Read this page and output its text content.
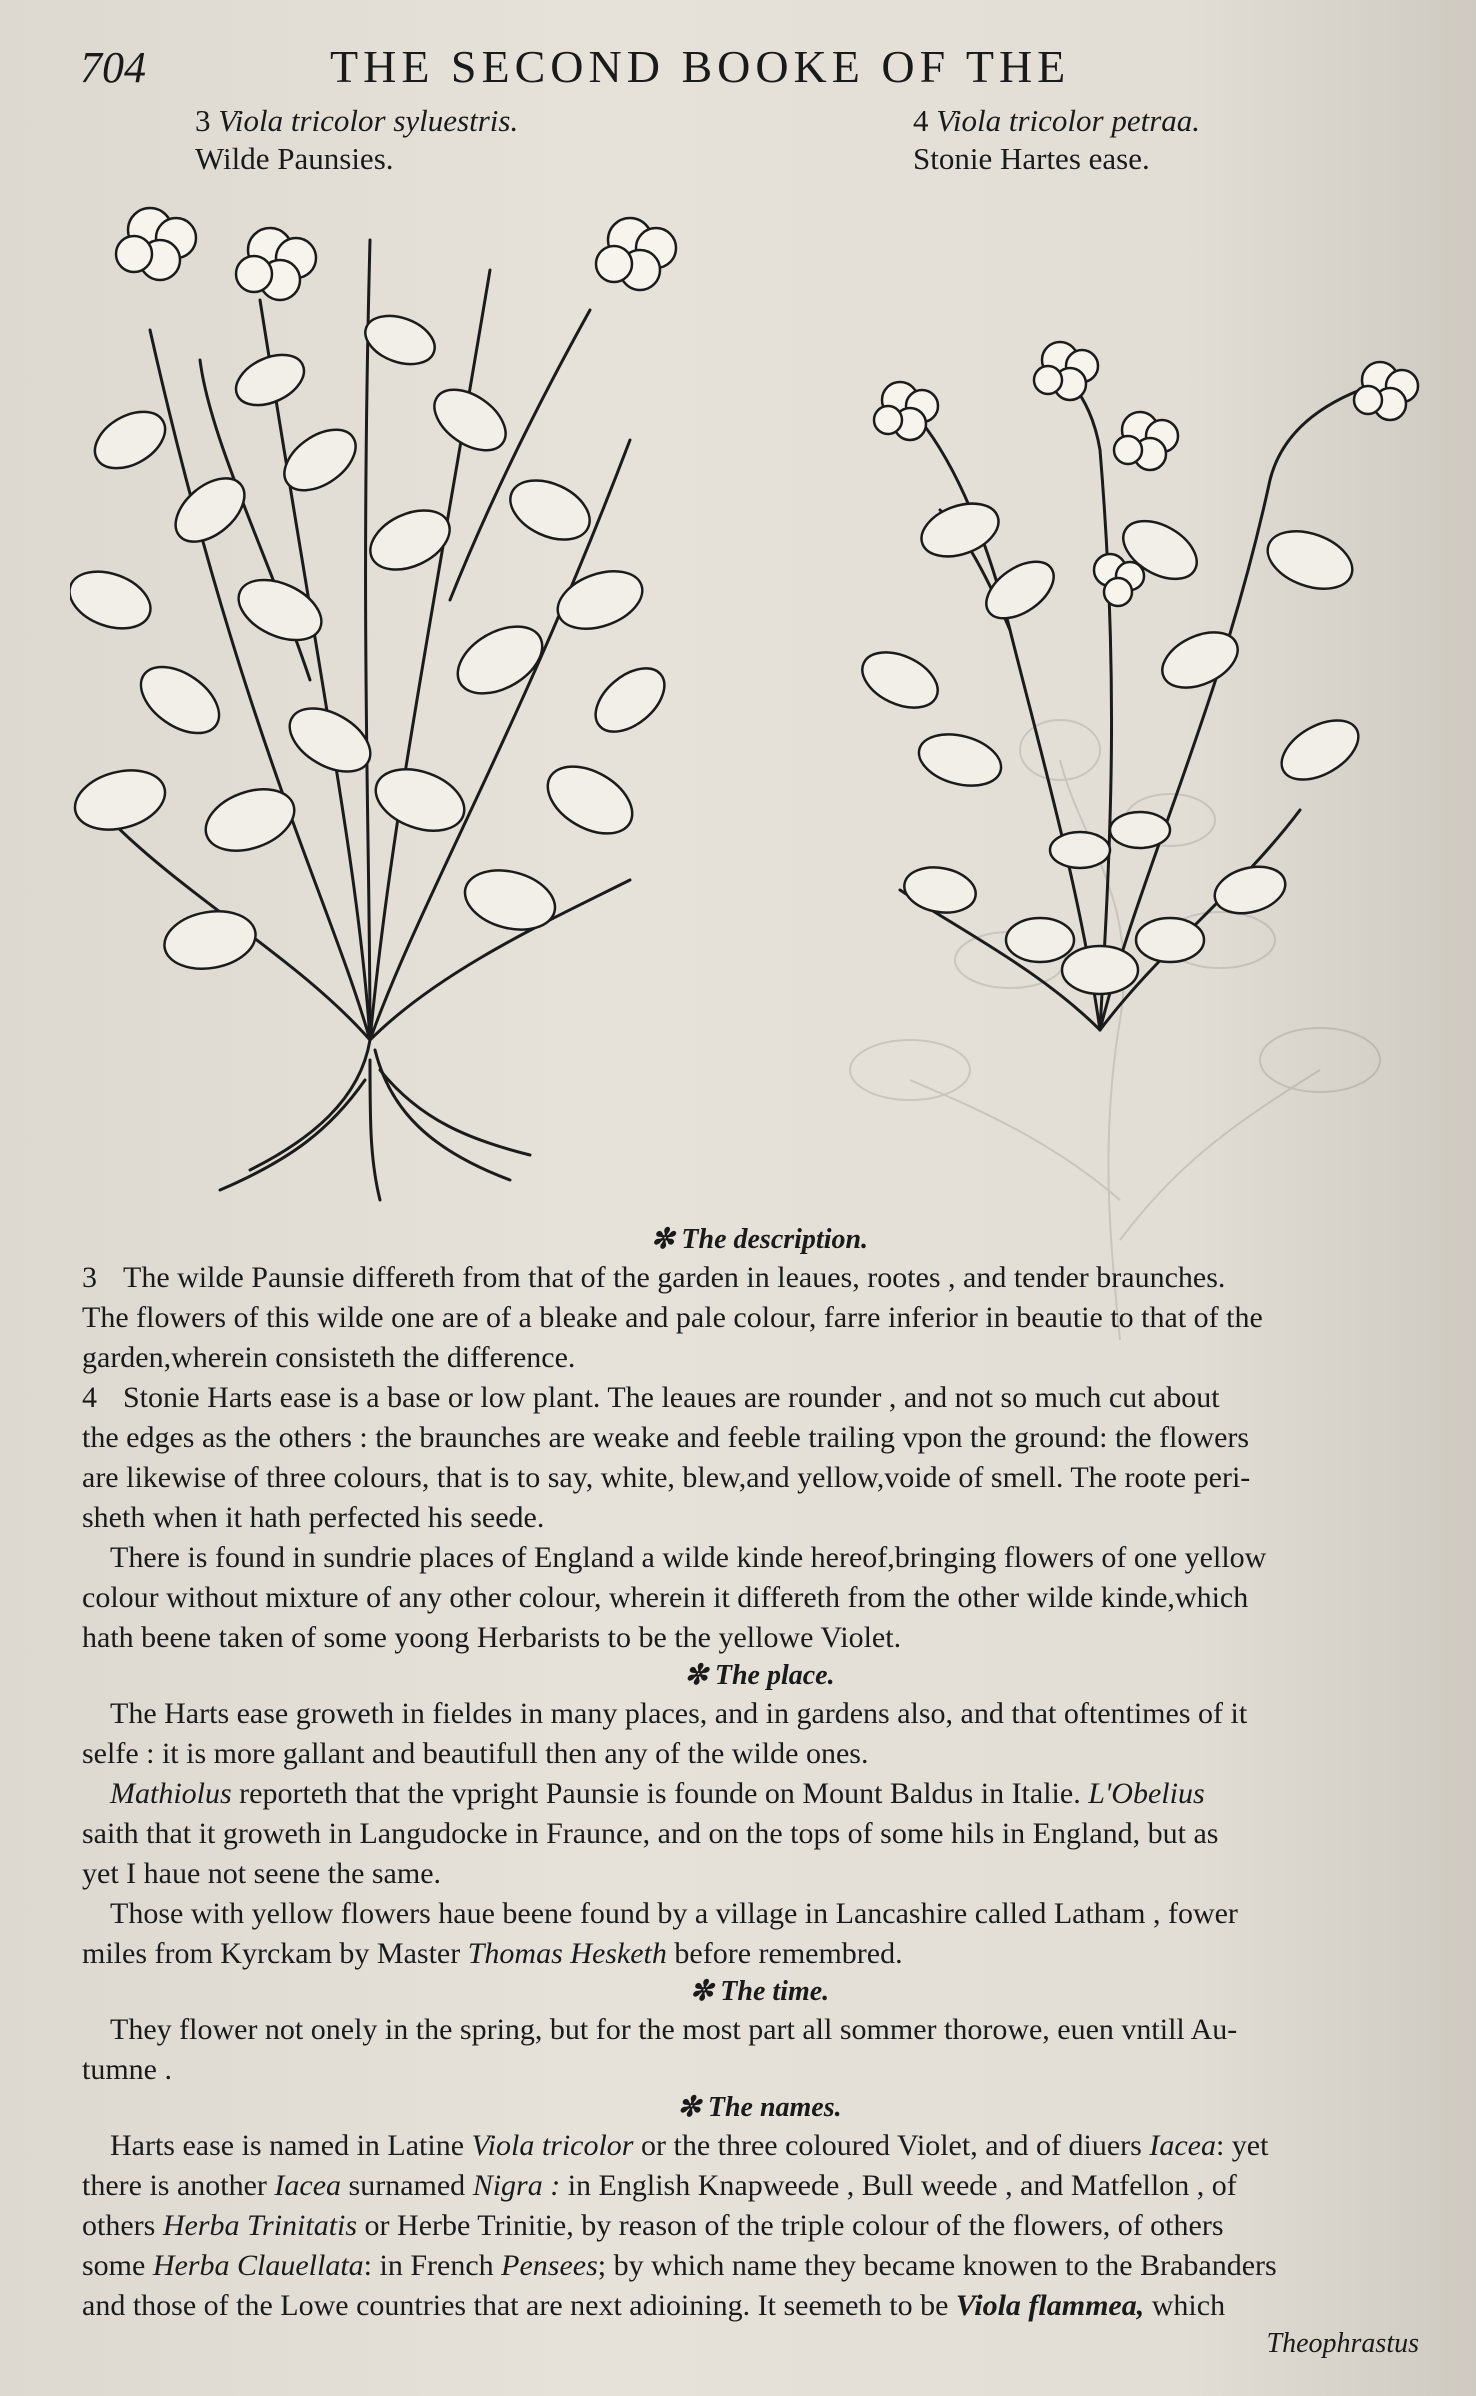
704	THE SECOND BOOKE OF THE
3 Viola tricolor syluestris.
Wilde Paunsies.
4 Viola tricolor petraa.
Stonie Hartes ease.

✼ The description.

3 The wilde Paunsie differeth from that of the garden in leaues, rootes , and tender braunches.
The flowers of this wilde one are of a bleake and pale colour, farre inferior in beautie to that of the
garden,wherein consisteth the difference.

4 Stonie Harts ease is a base or low plant. The leaues are rounder , and not so much cut about
the edges as the others : the braunches are weake and feeble trailing vpon the ground: the flowers
are likewise of three colours, that is to say, white, blew,and yellow,voide of smell. The roote peri-
sheth when it hath perfected his seede.

There is found in sundrie places of England a wilde kinde hereof,bringing flowers of one yellow
colour without mixture of any other colour, wherein it differeth from the other wilde kinde,which
hath beene taken of some yoong Herbarists to be the yellowe Violet.

✼ The place.

The Harts ease groweth in fieldes in many places, and in gardens also, and that oftentimes of it
selfe : it is more gallant and beautifull then any of the wilde ones.

Mathiolus reporteth that the vpright Paunsie is founde on Mount Baldus in Italie. L'Obelius
saith that it groweth in Langudocke in Fraunce, and on the tops of some hils in England, but as
yet I haue not seene the same.

Those with yellow flowers haue beene found by a village in Lancashire called Latham , fower
miles from Kyrckam by Master Thomas Hesketh before remembred.

✼ The time.

They flower not onely in the spring, but for the most part all sommer thorowe, euen vntill Au-
tumne .

✼ The names.

Harts ease is named in Latine Viola tricolor or the three coloured Violet, and of diuers Iacea: yet
there is another Iacea surnamed Nigra : in English Knapweede , Bull weede , and Matfellon , of
others Herba Trinitatis or Herbe Trinitie, by reason of the triple colour of the flowers, of others
some Herba Clauellata: in French Pensees; by which name they became knowen to the Brabanders
and those of the Lowe countries that are next adioining. It seemeth to be Viola flammea, which

Theophrastus
